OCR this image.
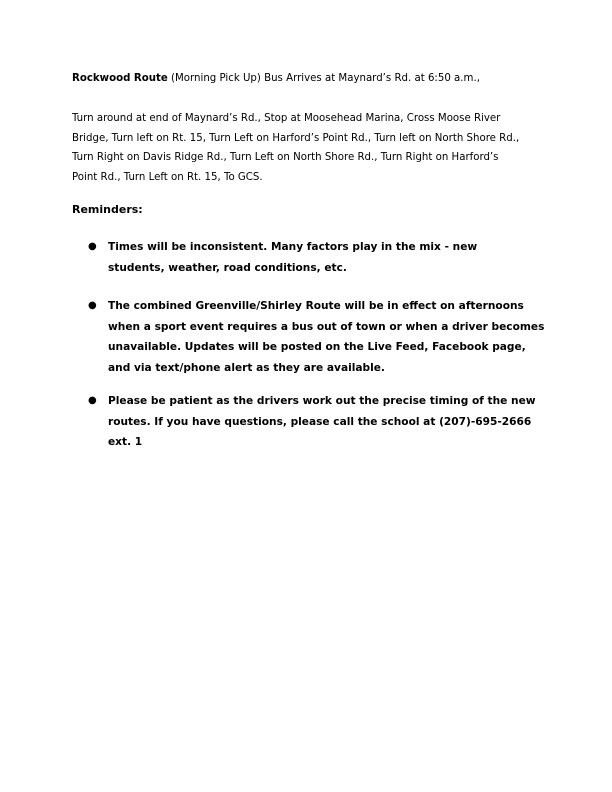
Rockwood Route (Morning Pick Up) Bus Arrives at Maynard’s Rd. at 6:50 a.m.,
Turn around at end of Maynard’s Rd., Stop at Moosehead Marina, Cross Moose River
Bridge, Turn left on Rt. 15, Turn Left on Harford’s Point Rd., Turn left on North Shore Rd.,
Turn Right on Davis Ridge Rd., Turn Left on North Shore Rd., Turn Right on Harford’s
Point Rd., Turn Left on Rt. 15, To GCS.
Reminders:
● Times will be inconsistent. Many factors play in the mix - new
students, weather, road conditions, etc.
● The combined Greenville/Shirley Route will be in effect on afternoons
when a sport event requires a bus out of town or when a driver becomes
unavailable. Updates will be posted on the Live Feed, Facebook page,
and via text/phone alert as they are available.
● Please be patient as the drivers work out the precise timing of the new
routes. If you have questions, please call the school at (207)-695-2666
ext. 1
